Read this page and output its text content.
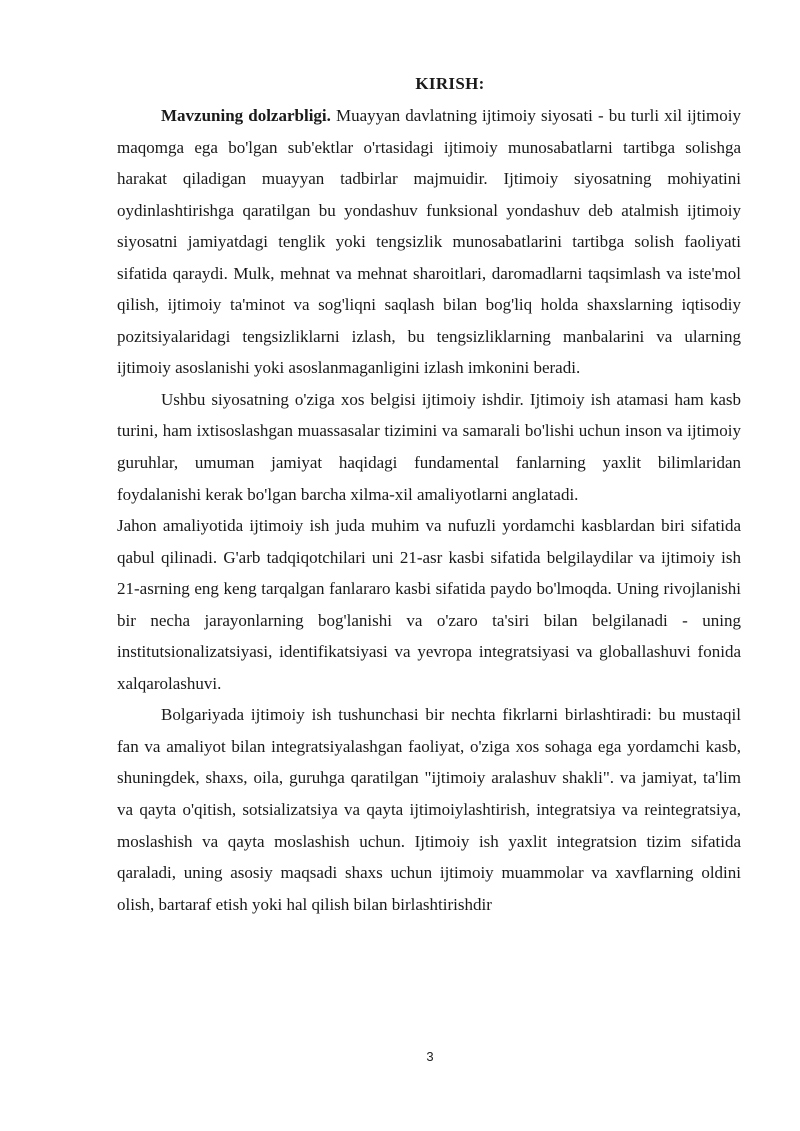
KIRISH:

Mavzuning dolzarbligi. Muayyan davlatning ijtimoiy siyosati - bu turli xil ijtimoiy maqomga ega bo'lgan sub'ektlar o'rtasidagi ijtimoiy munosabatlarni tartibga solishga harakat qiladigan muayyan tadbirlar majmuidir. Ijtimoiy siyosatning mohiyatini oydinlashtirishga qaratilgan bu yondashuv funksional yondashuv deb atalmish ijtimoiy siyosatni jamiyatdagi tenglik yoki tengsizlik munosabatlarini tartibga solish faoliyati sifatida qaraydi. Mulk, mehnat va mehnat sharoitlari, daromadlarni taqsimlash va iste'mol qilish, ijtimoiy ta'minot va sog'liqni saqlash bilan bog'liq holda shaxslarning iqtisodiy pozitsiyalaridagi tengsizliklarni izlash, bu tengsizliklarning manbalarini va ularning ijtimoiy asoslanishi yoki asoslanmaganligini izlash imkonini beradi.

Ushbu siyosatning o'ziga xos belgisi ijtimoiy ishdir. Ijtimoiy ish atamasi ham kasb turini, ham ixtisoslashgan muassasalar tizimini va samarali bo'lishi uchun inson va ijtimoiy guruhlar, umuman jamiyat haqidagi fundamental fanlarning yaxlit bilimlaridan foydalanishi kerak bo'lgan barcha xilma-xil amaliyotlarni anglatadi.

Jahon amaliyotida ijtimoiy ish juda muhim va nufuzli yordamchi kasblardan biri sifatida qabul qilinadi. G'arb tadqiqotchilari uni 21-asr kasbi sifatida belgilaydilar va ijtimoiy ish 21-asrning eng keng tarqalgan fanlararo kasbi sifatida paydo bo'lmoqda. Uning rivojlanishi bir necha jarayonlarning bog'lanishi va o'zaro ta'siri bilan belgilanadi - uning institutsionalizatsiyasi, identifikatsiyasi va yevropa integratsiyasi va globallashuvi fonida xalqarolashuvi.

Bolgariyada ijtimoiy ish tushunchasi bir nechta fikrlarni birlashtiradi: bu mustaqil fan va amaliyot bilan integratsiyalashgan faoliyat, o'ziga xos sohaga ega yordamchi kasb, shuningdek, shaxs, oila, guruhga qaratilgan "ijtimoiy aralashuv shakli". va jamiyat, ta'lim va qayta o'qitish, sotsializatsiya va qayta ijtimoiylashtirish, integratsiya va reintegratsiya, moslashish va qayta moslashish uchun. Ijtimoiy ish yaxlit integratsion tizim sifatida qaraladi, uning asosiy maqsadi shaxs uchun ijtimoiy muammolar va xavflarning oldini olish, bartaraf etish yoki hal qilish bilan birlashtirishdir

3
